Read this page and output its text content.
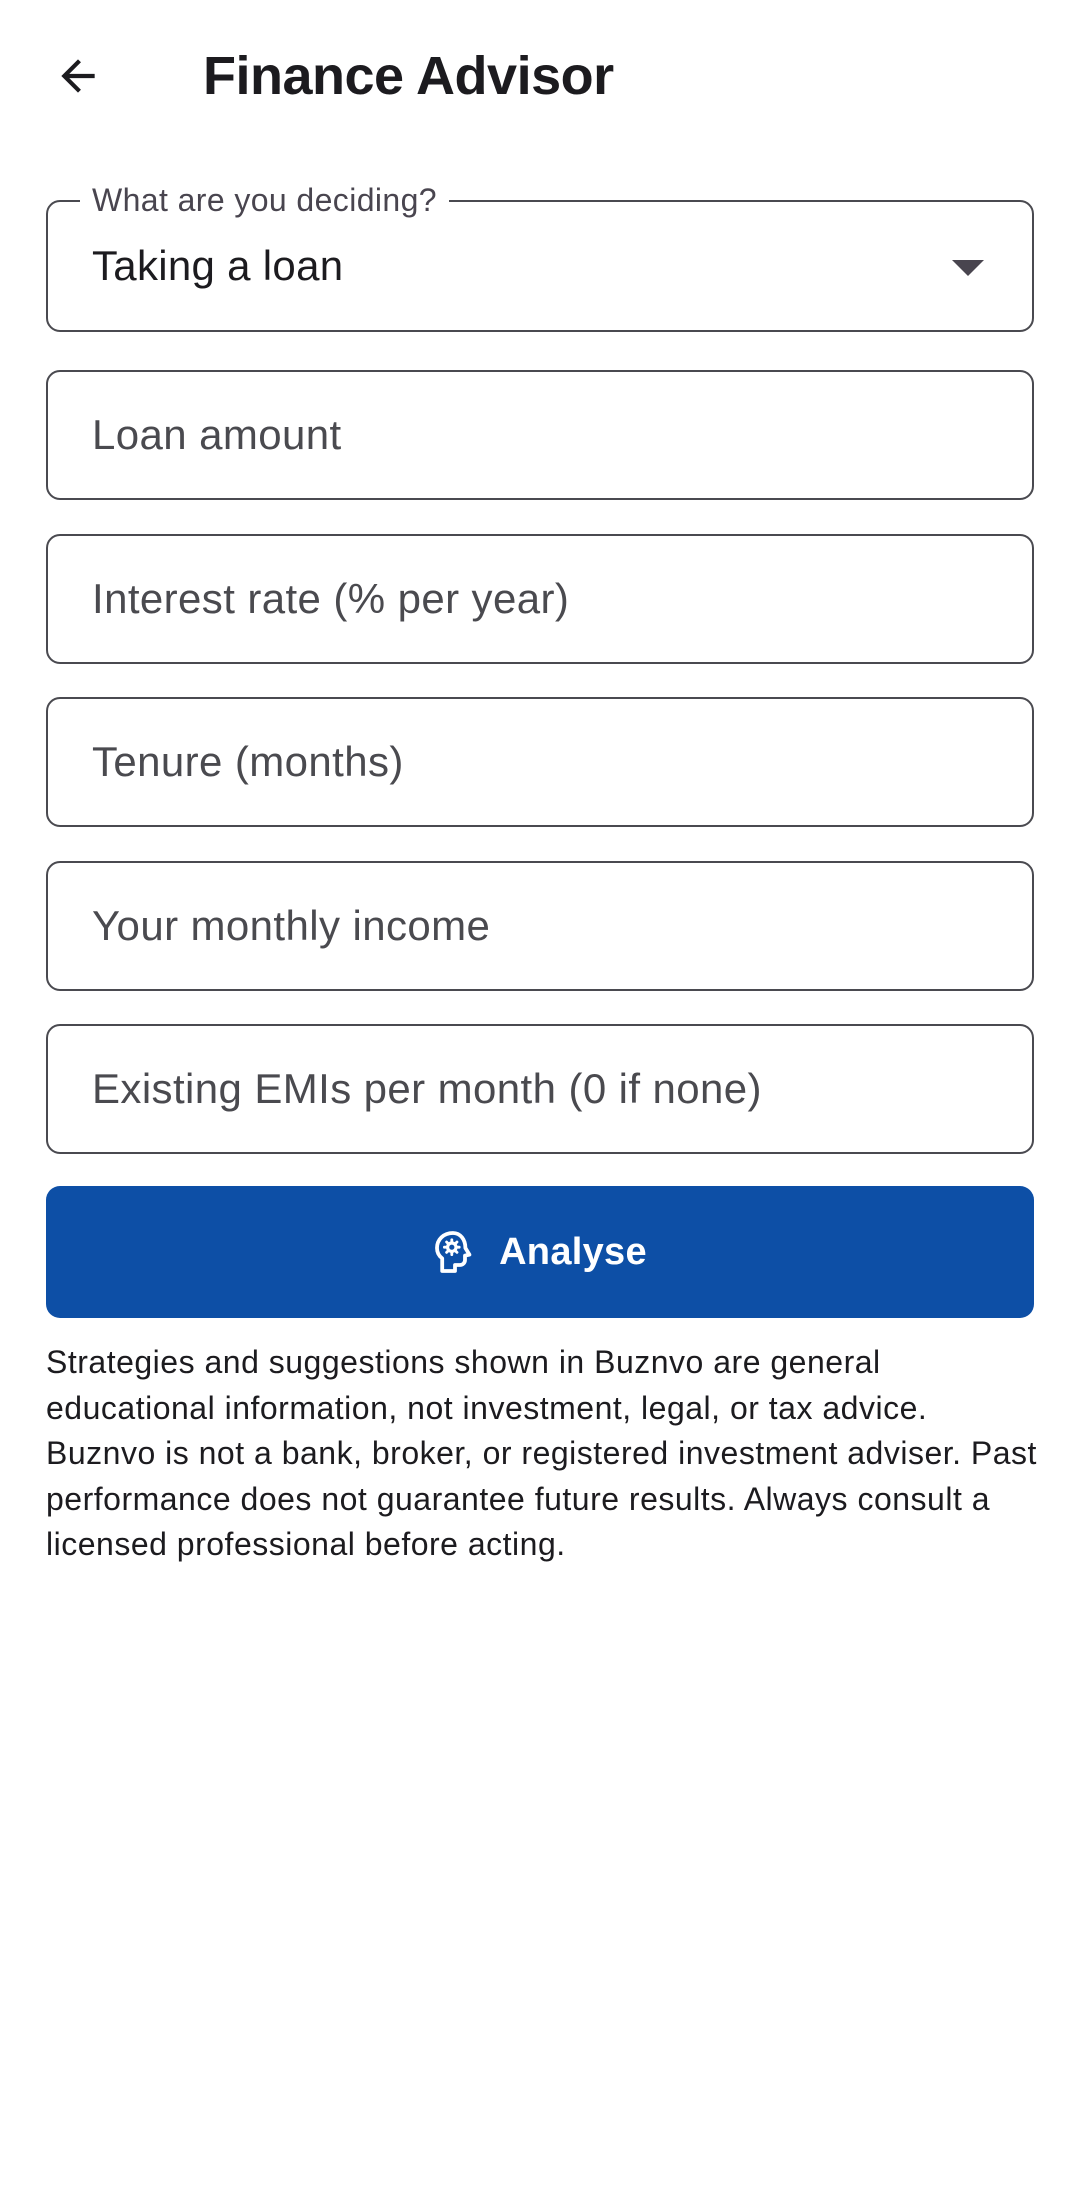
Finance Advisor
What are you deciding?
Taking a loan
Loan amount
Interest rate (% per year)
Tenure (months)
Your monthly income
Existing EMIs per month (0 if none)
Analyse
Strategies and suggestions shown in Buznvo are general educational information, not investment, legal, or tax advice. Buznvo is not a bank, broker, or registered investment adviser. Past performance does not guarantee future results. Always consult a licensed professional before acting.
